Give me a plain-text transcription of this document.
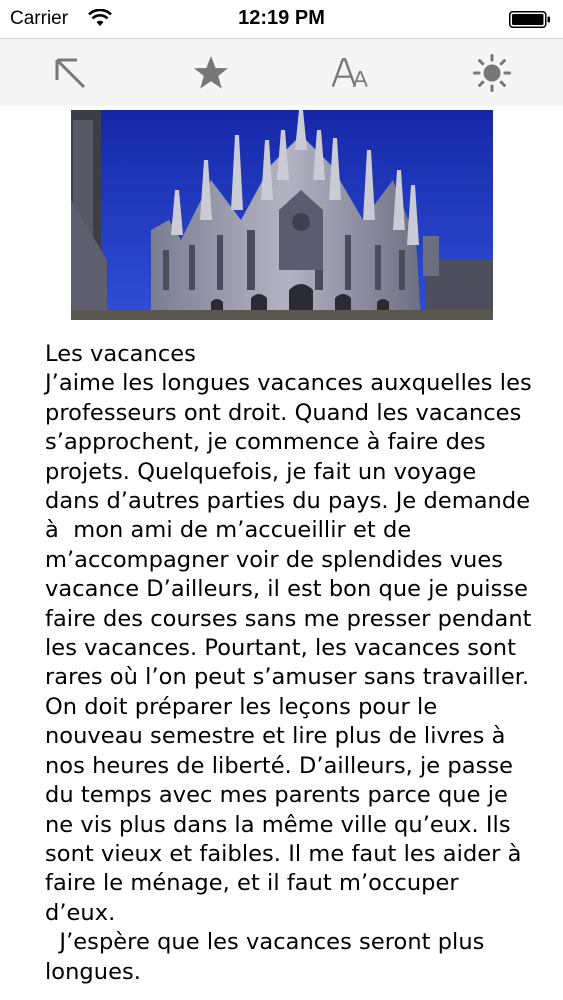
Carrier	12:19 PM
Les vacances
J’aime les longues vacances auxquelles les professeurs ont droit. Quand les vacances s’approchent, je commence à faire des projets. Quelquefois, je fait un voyage dans d’autres parties du pays. Je demande à  mon ami de m’accueillir et de m’accompagner voir de splendides vues vacance D’ailleurs, il est bon que je puisse faire des courses sans me presser pendant les vacances. Pourtant, les vacances sont rares où l’on peut s’amuser sans travailler. On doit préparer les leçons pour le nouveau semestre et lire plus de livres à nos heures de liberté. D’ailleurs, je passe du temps avec mes parents parce que je ne vis plus dans la même ville qu’eux. Ils sont vieux et faibles. Il me faut les aider à faire le ménage, et il faut m’occuper d’eux.
J’espère que les vacances seront plus longues.
